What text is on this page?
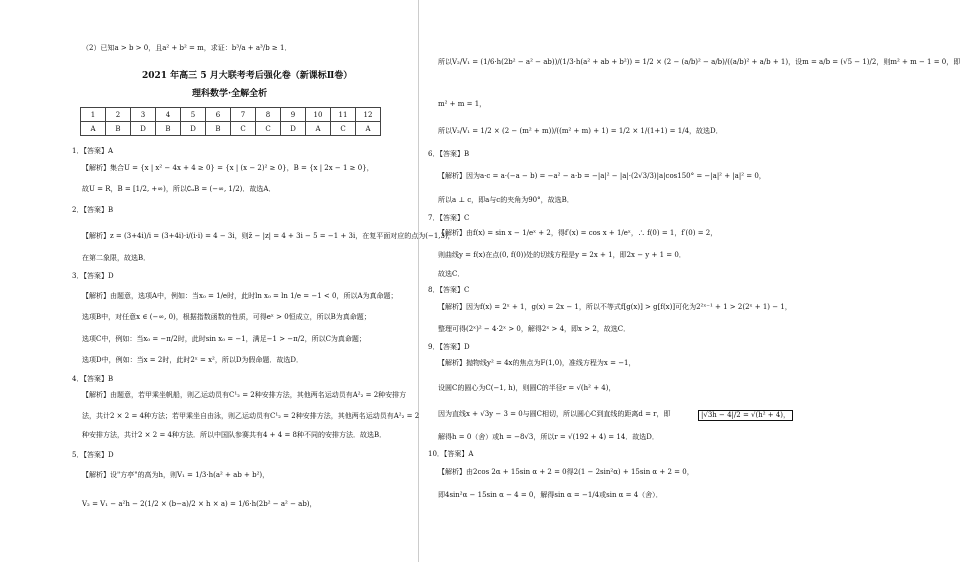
（2）已知a > b > 0，且a² + b² = m，求证：b³/a + a³/b ≥ 1．
2021 年高三 5 月大联考考后强化卷（新课标Ⅱ卷）
理科数学·全解全析
1．【答案】A
【解析】集合U = {x | x² − 4x + 4 ≥ 0} = {x | (x − 2)² ≥ 0}，B = {x | 2x − 1 ≥ 0}，
故U = R，B = [1/2, +∞)，所以∁ᵤB = (−∞, 1/2)．故选A．
2．【答案】B
【解析】z = (3+4i)/i = (3+4i)·i/(i·i) = 4 − 3i，则z̄ − |z| = 4 + 3i − 5 = −1 + 3i，在复平面对应的点为(−1,3)，
在第二象限，故选B．
3．【答案】D
【解析】由题意，选项A中，例如：当x₀ = 1/e时，此时ln x₀ = ln 1/e = −1 < 0，所以A为真命题；
选项B中，对任意x ∈ (−∞, 0)，根据指数函数的性质，可得eˣ > 0恒成立，所以B为真命题；
选项C中，例如：当x₀ = −π/2时，此时sin x₀ = −1，满足−1 > −π/2，所以C为真命题；
选项D中，例如：当x = 2时，此时2ˣ = x²，所以D为假命题．故选D．
4．【答案】B
【解析】由题意，若甲乘坐帆船，则乙运动员有C¹₂ = 2种安排方法，其他两名运动员有A²₂ = 2种安排方
法，共计2 × 2 = 4种方法；若甲乘坐自由泳，则乙运动员有C¹₂ = 2种安排方法，其他两名运动员有A²₂ = 2
种安排方法，共计2 × 2 = 4种方法．所以中国队参赛共有4 + 4 = 8种不同的安排方法．故选B．
5．【答案】D
【解析】设"方亭"的高为h，则V₁ = 1/3·h(a² + ab + b²)，
V₂ = V₁ − a²h − 2(1/2 × (b−a)/2 × h × a) = 1/6·h(2b² − a² − ab)，
1	2	3	4	5	6	7	8	9	10	11	12
A	B	D	B	D	B	C	C	D	A	C	A
所以V₂/V₁ = (1/6·h(2b² − a² − ab))/(1/3·h(a² + ab + b²)) = 1/2 × (2 − (a/b)² − a/b)/((a/b)² + a/b + 1)，设m = a/b = (√5 − 1)/2，则m² + m − 1 = 0，即
m² + m = 1，
所以V₂/V₁ = 1/2 × (2 − (m² + m))/((m² + m) + 1) = 1/2 × 1/(1+1) = 1/4，故选D．
6．【答案】B
【解析】因为a·c = a·(−a − b) = −a² − a·b = −|a|² − |a|·(2√3/3)|a|cos150° = −|a|² + |a|² = 0，
所以a ⊥ c，即a与c的夹角为90°，故选B．
7．【答案】C
【解析】由f(x) = sin x − 1/eˣ + 2，得f′(x) = cos x + 1/eˣ，∴ f(0) = 1，f′(0) = 2，
则曲线y = f(x)在点(0, f(0))处的切线方程是y = 2x + 1，即2x − y + 1 = 0．
故选C．
8．【答案】C
【解析】因为f(x) = 2ˣ + 1，g(x) = 2x − 1，所以不等式f[g(x)] > g[f(x)]可化为2²ˣ⁻¹ + 1 > 2(2ˣ + 1) − 1，
整理可得(2ˣ)² − 4·2ˣ > 0，解得2ˣ > 4，即x > 2，故选C．
9．【答案】D
【解析】抛物线y² = 4x的焦点为F(1,0)，准线方程为x = −1，
设圆C的圆心为C(−1, h)，则圆C的半径r = √(h² + 4)，
因为直线x + √3y − 3 = 0与圆C相切，所以圆心C到直线的距离d = r，即	|√3h − 4|/2 = √(h² + 4)，
解得h = 0（舍）或h = −8√3，所以r = √(192 + 4) = 14．故选D．
10．【答案】A
【解析】由2cos 2α + 15sin α + 2 = 0得2(1 − 2sin²α) + 15sin α + 2 = 0，
即4sin²α − 15sin α − 4 = 0，解得sin α = −1/4或sin α = 4（舍）．
